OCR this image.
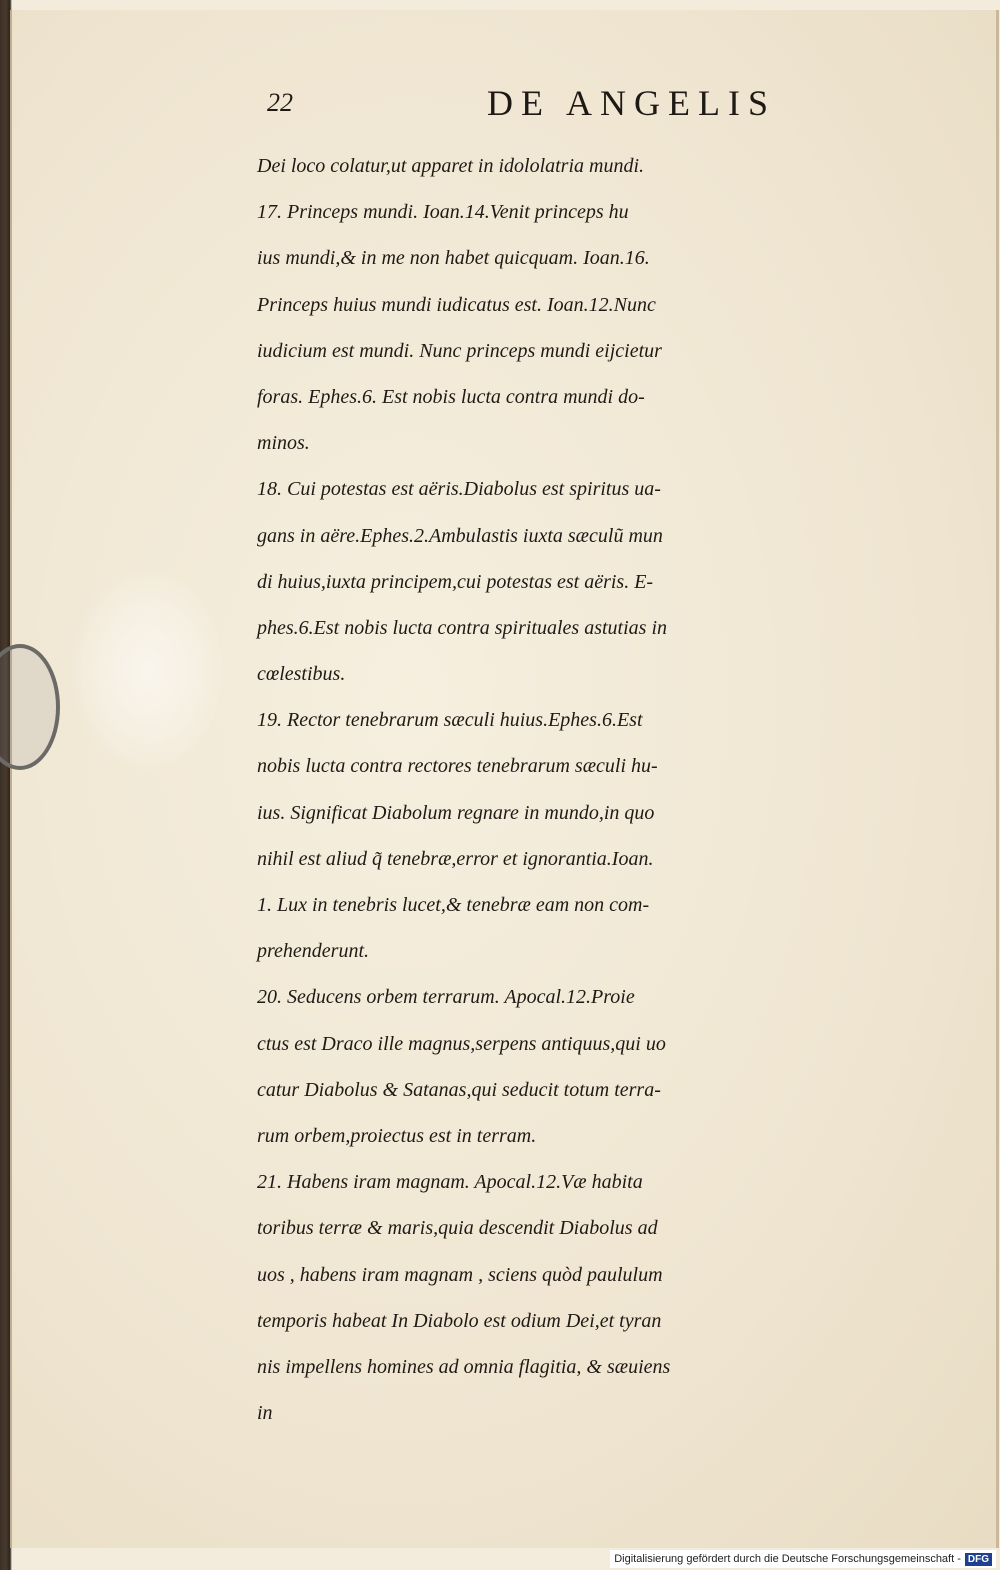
22	DE ANGELIS
Dei loco colatur,ut apparet in idololatria mundi.
17. Princeps mundi. Ioan.14.Venit princeps hu
ius mundi,& in me non habet quicquam. Ioan.16.
Princeps huius mundi iudicatus est. Ioan.12.Nunc
iudicium est mundi. Nunc princeps mundi eijcietur
foras. Ephes.6. Est nobis lucta contra mundi do-
minos.
18. Cui potestas est aëris.Diabolus est spiritus ua-
gans in aëre.Ephes.2.Ambulastis iuxta sæculũ mun
di huius,iuxta principem,cui potestas est aëris. E-
phes.6.Est nobis lucta contra spirituales astutias in
cœlestibus.
19. Rector tenebrarum sæculi huius.Ephes.6.Est
nobis lucta contra rectores tenebrarum sæculi hu-
ius. Significat Diabolum regnare in mundo,in quo
nihil est aliud q̃ tenebræ,error et ignorantia.Ioan.
1. Lux in tenebris lucet,& tenebræ eam non com-
prehenderunt.
20. Seducens orbem terrarum. Apocal.12.Proie
ctus est Draco ille magnus,serpens antiquus,qui uo
catur Diabolus & Satanas,qui seducit totum terra-
rum orbem,proiectus est in terram.
21. Habens iram magnam. Apocal.12.Væ habita
toribus terræ & maris,quia descendit Diabolus ad
uos , habens iram magnam , sciens quòd paululum
temporis habeat In Diabolo est odium Dei,et tyran
nis impellens homines ad omnia flagitia, & sæuiens
in
Digitalisierung gefördert durch die Deutsche Forschungsgemeinschaft - DFG
